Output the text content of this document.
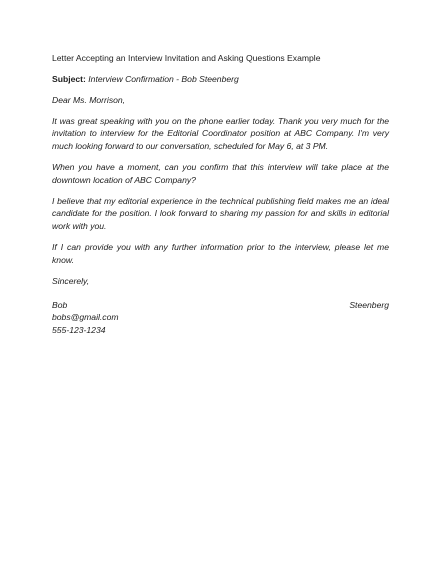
Letter Accepting an Interview Invitation and Asking Questions Example
Subject: Interview Confirmation - Bob Steenberg
Dear Ms. Morrison,
It was great speaking with you on the phone earlier today. Thank you very much for the invitation to interview for the Editorial Coordinator position at ABC Company. I'm very much looking forward to our conversation, scheduled for May 6, at 3 PM.
When you have a moment, can you confirm that this interview will take place at the downtown location of ABC Company?
I believe that my editorial experience in the technical publishing field makes me an ideal candidate for the position. I look forward to sharing my passion for and skills in editorial work with you.
If I can provide you with any further information prior to the interview, please let me know.
Sincerely,
Bob	Steenberg
bobs@gmail.com
555-123-1234
